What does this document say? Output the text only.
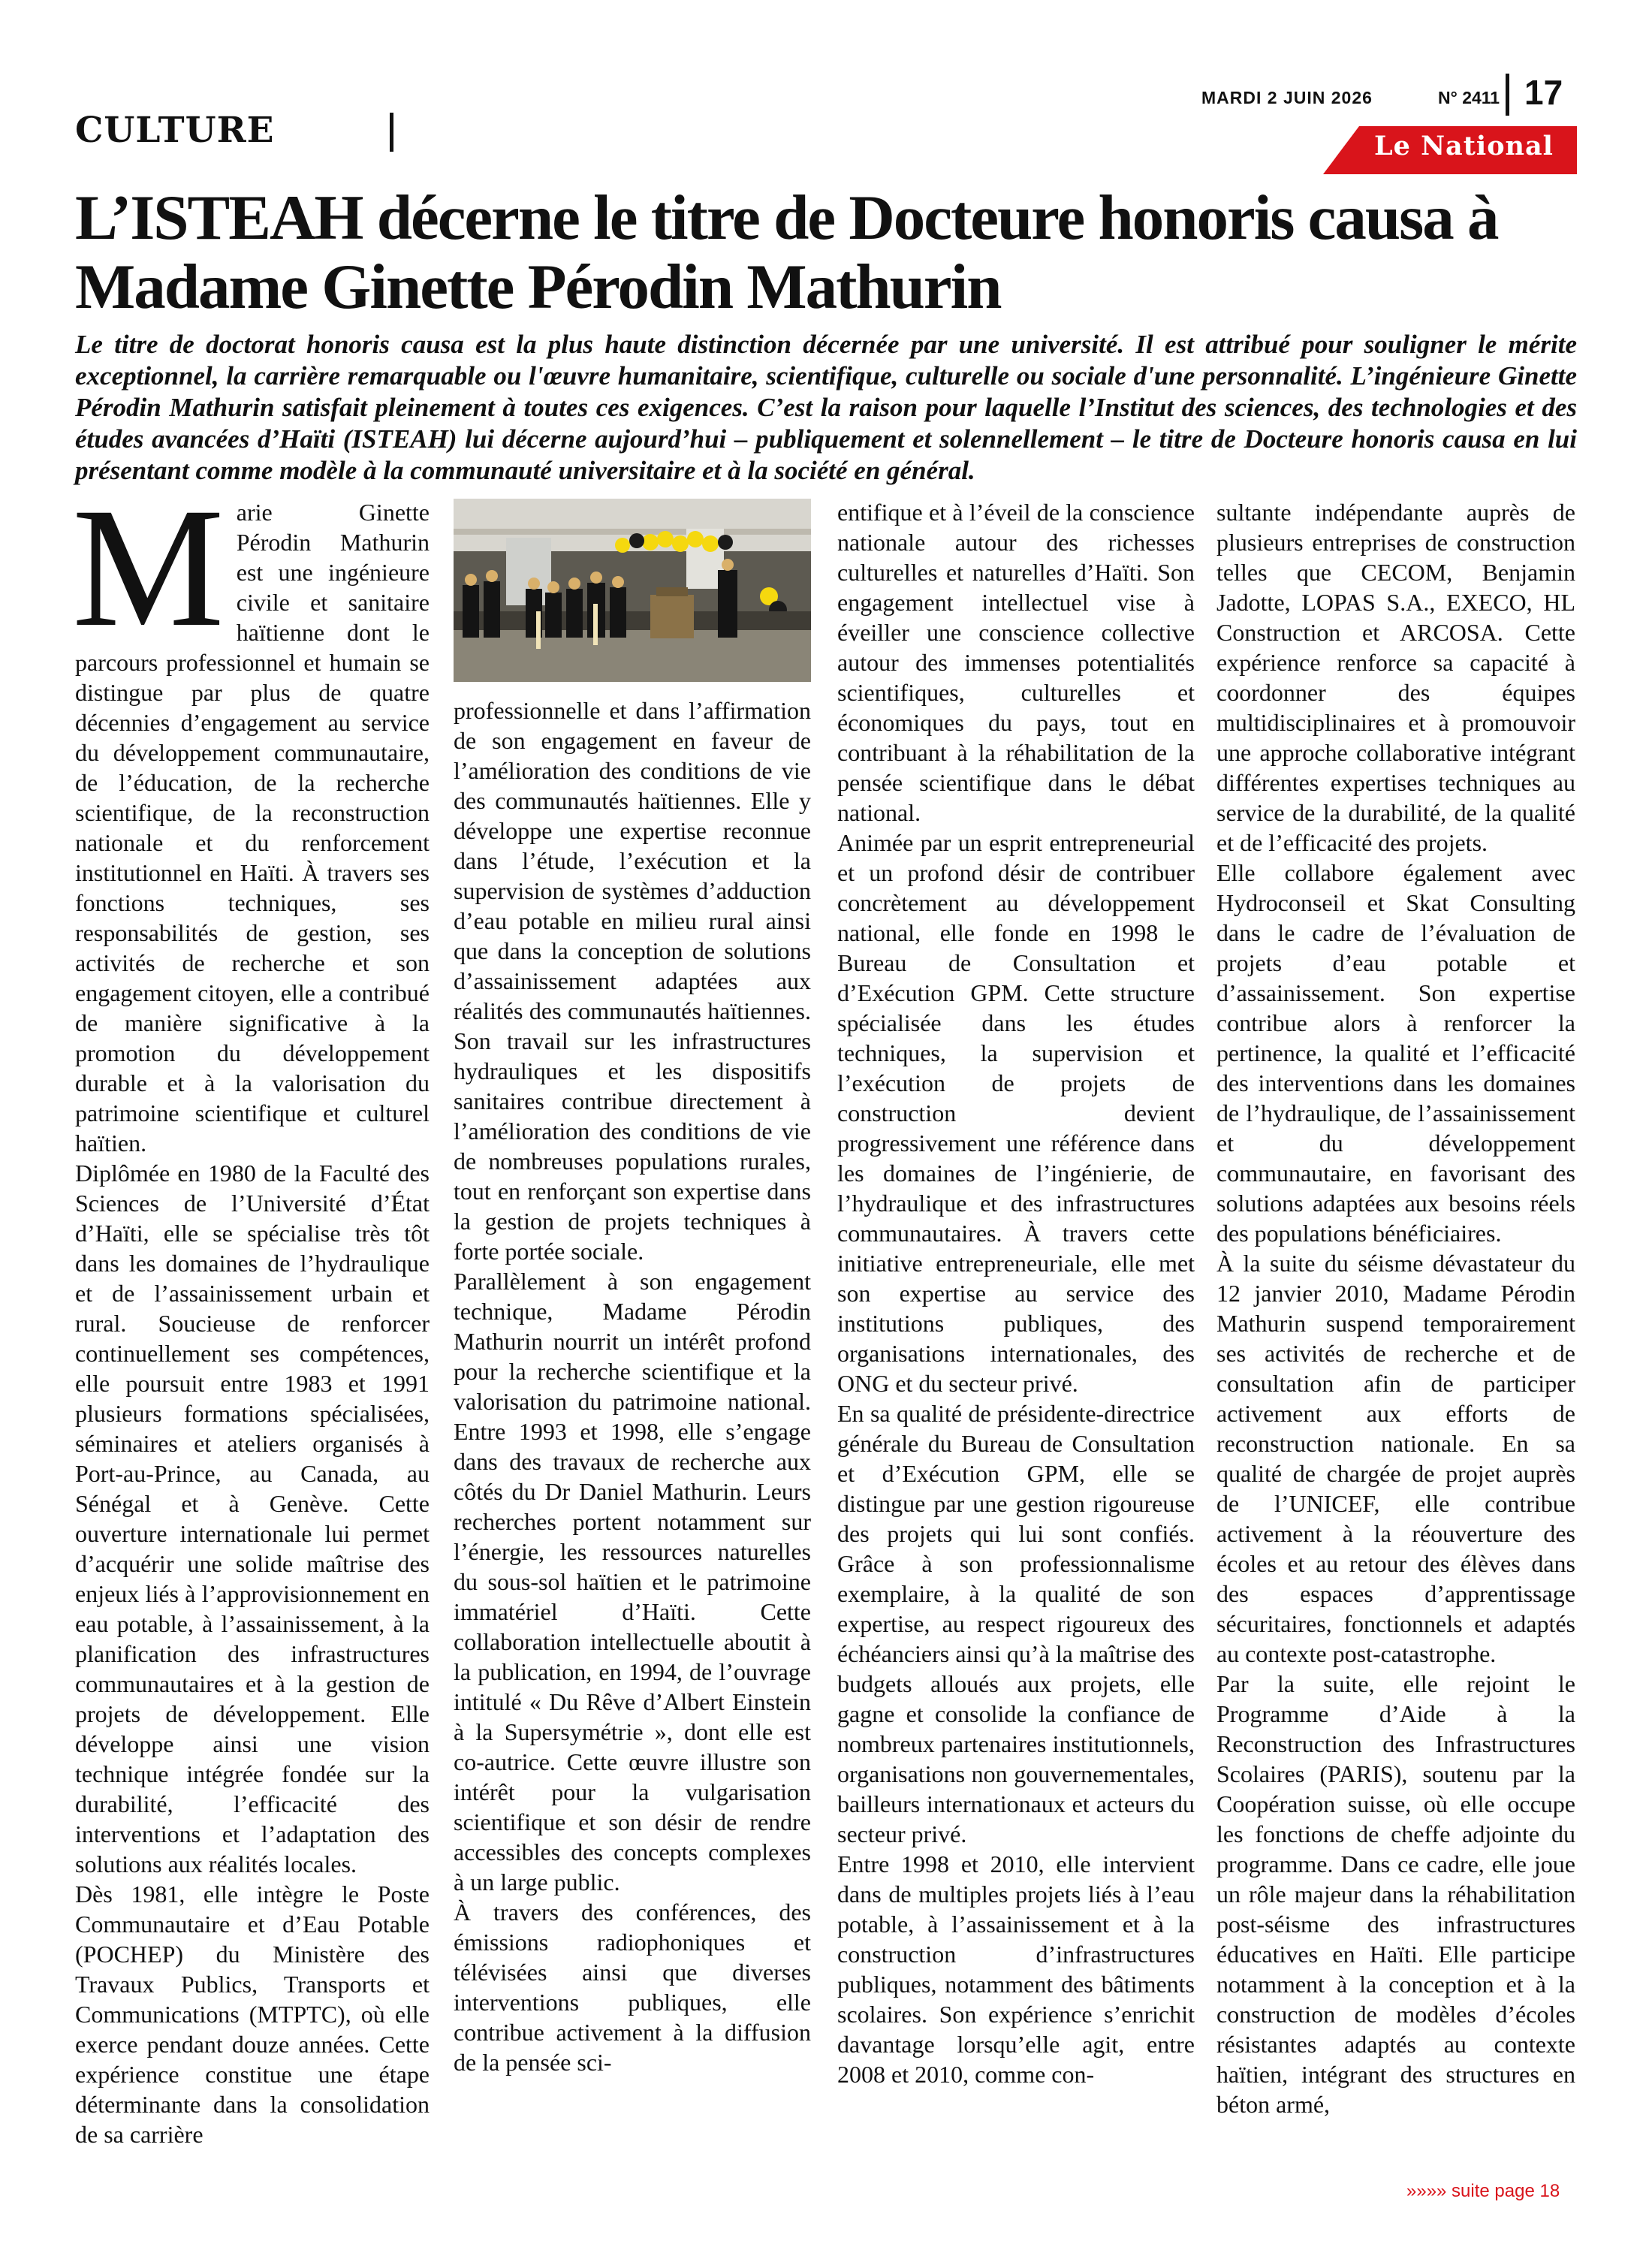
CULTURE
MARDI 2 JUIN 2026	N° 2411 17
Le National
L’ISTEAH décerne le titre de Docteure honoris causa à Madame Ginette Pérodin Mathurin

Le titre de doctorat honoris causa est la plus haute distinction décernée par une université. Il est attribué pour souligner le mérite exceptionnel, la carrière remarquable ou l'œuvre humanitaire, scientifique, culturelle ou sociale d'une personnalité. L’ingénieure Ginette Pérodin Mathurin satisfait pleinement à toutes ces exigences. C’est la raison pour laquelle l’Institut des sciences, des technologies et des études avancées d’Haïti (ISTEAH) lui décerne aujourd’hui – publiquement et solennellement – le titre de Docteure honoris causa en lui présentant comme modèle à la communauté universitaire et à la société en général.

M arie Ginette Pérodin Mathurin est une ingénieure civile et sanitaire haïtienne dont le parcours professionnel et humain se distingue par plus de quatre décennies d’engagement au service du développement communautaire, de l’éducation, de la recherche scientifique, de la reconstruction nationale et du renforcement institutionnel en Haïti. À travers ses fonctions techniques, ses responsabilités de gestion, ses activités de recherche et son engagement citoyen, elle a contribué de manière significative à la promotion du développement durable et à la valorisation du patrimoine scientifique et culturel haïtien.

Diplômée en 1980 de la Faculté des Sciences de l’Université d’État d’Haïti, elle se spécialise très tôt dans les domaines de l’hydraulique et de l’assainissement urbain et rural. Soucieuse de renforcer continuellement ses compétences, elle poursuit entre 1983 et 1991 plusieurs formations spécialisées, séminaires et ateliers organisés à Port-au-Prince, au Canada, au Sénégal et à Genève. Cette ouverture internationale lui permet d’acquérir une solide maîtrise des enjeux liés à l’approvisionnement en eau potable, à l’assainissement, à la planification des infrastructures communautaires et à la gestion de projets de développement. Elle développe ainsi une vision technique intégrée fondée sur la durabilité, l’efficacité des interventions et l’adaptation des solutions aux réalités locales.

Dès 1981, elle intègre le Poste Communautaire et d’Eau Potable (POCHEP) du Ministère des Travaux Publics, Transports et Communications (MTPTC), où elle exerce pendant douze années. Cette expérience constitue une étape déterminante dans la consolidation de sa carrière

professionnelle et dans l’affirmation de son engagement en faveur de l’amélioration des conditions de vie des communautés haïtiennes. Elle y développe une expertise reconnue dans l’étude, l’exécution et la supervision de systèmes d’adduction d’eau potable en milieu rural ainsi que dans la conception de solutions d’assainissement adaptées aux réalités des communautés haïtiennes. Son travail sur les infrastructures hydrauliques et les dispositifs sanitaires contribue directement à l’amélioration des conditions de vie de nombreuses populations rurales, tout en renforçant son expertise dans la gestion de projets techniques à forte portée sociale.

Parallèlement à son engagement technique, Madame Pérodin Mathurin nourrit un intérêt profond pour la recherche scientifique et la valorisation du patrimoine national. Entre 1993 et 1998, elle s’engage dans des travaux de recherche aux côtés du Dr Daniel Mathurin. Leurs recherches portent notamment sur l’énergie, les ressources naturelles du sous-sol haïtien et le patrimoine immatériel d’Haïti. Cette collaboration intellectuelle aboutit à la publication, en 1994, de l’ouvrage intitulé « Du Rêve d’Albert Einstein à la Supersymétrie », dont elle est co-autrice. Cette œuvre illustre son intérêt pour la vulgarisation scientifique et son désir de rendre accessibles des concepts complexes à un large public.

À travers des conférences, des émissions radiophoniques et télévisées ainsi que diverses interventions publiques, elle contribue activement à la diffusion de la pensée sci-

entifique et à l’éveil de la conscience nationale autour des richesses culturelles et naturelles d’Haïti. Son engagement intellectuel vise à éveiller une conscience collective autour des immenses potentialités scientifiques, culturelles et économiques du pays, tout en contribuant à la réhabilitation de la pensée scientifique dans le débat national.

Animée par un esprit entrepreneurial et un profond désir de contribuer concrètement au développement national, elle fonde en 1998 le Bureau de Consultation et d’Exécution GPM. Cette structure spécialisée dans les études techniques, la supervision et l’exécution de projets de construction devient progressivement une référence dans les domaines de l’ingénierie, de l’hydraulique et des infrastructures communautaires. À travers cette initiative entrepreneuriale, elle met son expertise au service des institutions publiques, des organisations internationales, des ONG et du secteur privé.

En sa qualité de présidente-directrice générale du Bureau de Consultation et d’Exécution GPM, elle se distingue par une gestion rigoureuse des projets qui lui sont confiés. Grâce à son professionnalisme exemplaire, à la qualité de son expertise, au respect rigoureux des échéanciers ainsi qu’à la maîtrise des budgets alloués aux projets, elle gagne et consolide la confiance de nombreux partenaires institutionnels, organisations non gouvernementales, bailleurs internationaux et acteurs du secteur privé.

Entre 1998 et 2010, elle intervient dans de multiples projets liés à l’eau potable, à l’assainissement et à la construction d’infrastructures publiques, notamment des bâtiments scolaires. Son expérience s’enrichit davantage lorsqu’elle agit, entre 2008 et 2010, comme con-

sultante indépendante auprès de plusieurs entreprises de construction telles que CECOM, Benjamin Jadotte, LOPAS S.A., EXECO, HL Construction et ARCOSA. Cette expérience renforce sa capacité à coordonner des équipes multidisciplinaires et à promouvoir une approche collaborative intégrant différentes expertises techniques au service de la durabilité, de la qualité et de l’efficacité des projets.

Elle collabore également avec Hydroconseil et Skat Consulting dans le cadre de l’évaluation de projets d’eau potable et d’assainissement. Son expertise contribue alors à renforcer la pertinence, la qualité et l’efficacité des interventions dans les domaines de l’hydraulique, de l’assainissement et du développement communautaire, en favorisant des solutions adaptées aux besoins réels des populations bénéficiaires.

À la suite du séisme dévastateur du 12 janvier 2010, Madame Pérodin Mathurin suspend temporairement ses activités de recherche et de consultation afin de participer activement aux efforts de reconstruction nationale. En sa qualité de chargée de projet auprès de l’UNICEF, elle contribue activement à la réouverture des écoles et au retour des élèves dans des espaces d’apprentissage sécuritaires, fonctionnels et adaptés au contexte post-catastrophe.

Par la suite, elle rejoint le Programme d’Aide à la Reconstruction des Infrastructures Scolaires (PARIS), soutenu par la Coopération suisse, où elle occupe les fonctions de cheffe adjointe du programme. Dans ce cadre, elle joue un rôle majeur dans la réhabilitation post-séisme des infrastructures éducatives en Haïti. Elle participe notamment à la conception et à la construction de modèles d’écoles résistantes adaptés au contexte haïtien, intégrant des structures en béton armé,

»»»» suite page 18
